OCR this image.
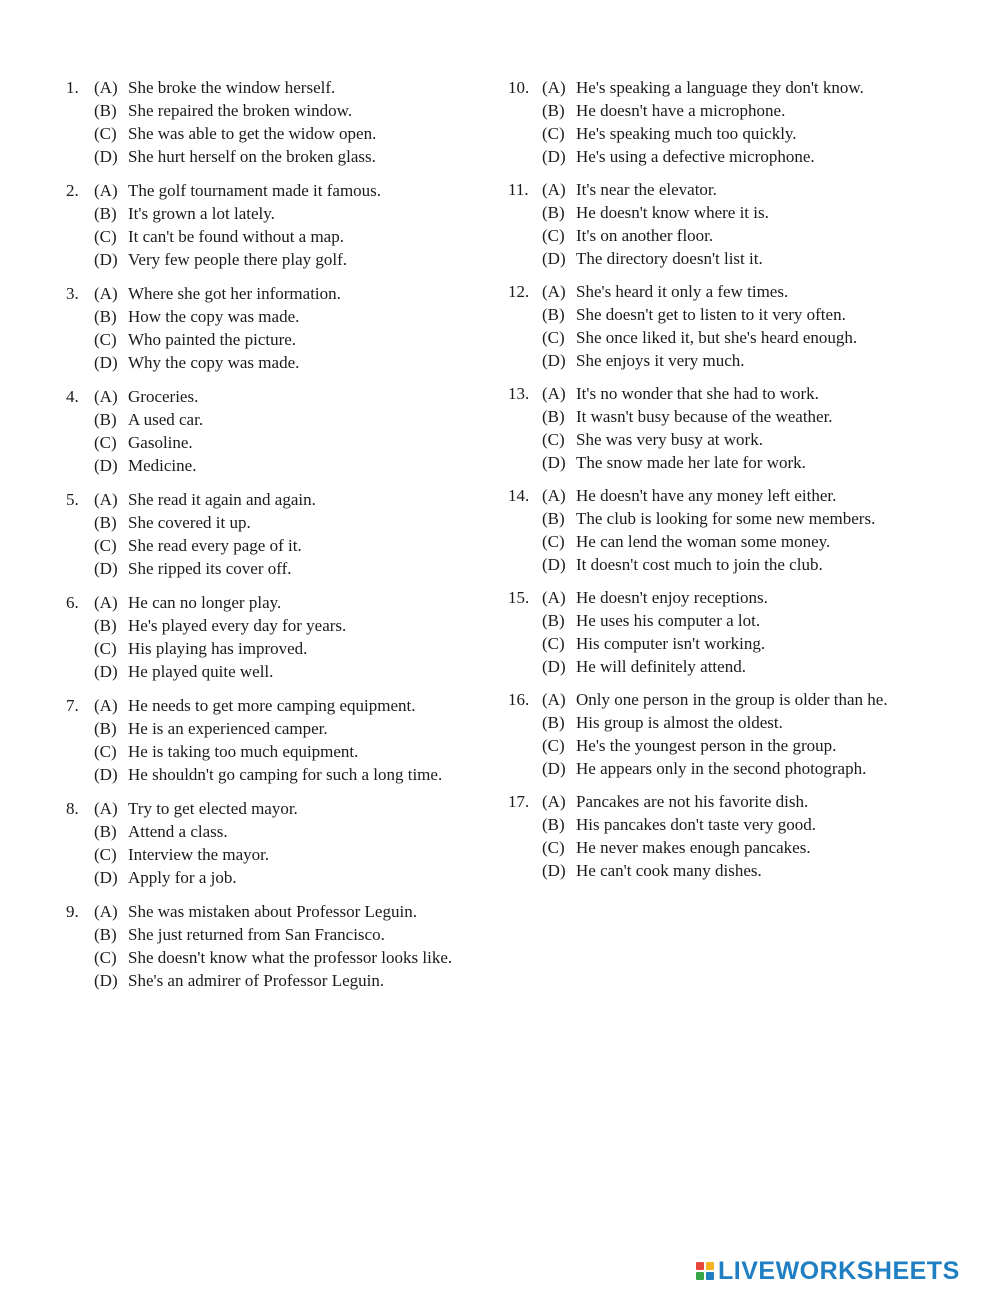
1. (A) She broke the window herself.
(B) She repaired the broken window.
(C) She was able to get the widow open.
(D) She hurt herself on the broken glass.
2. (A) The golf tournament made it famous.
(B) It's grown a lot lately.
(C) It can't be found without a map.
(D) Very few people there play golf.
3. (A) Where she got her information.
(B) How the copy was made.
(C) Who painted the picture.
(D) Why the copy was made.
4. (A) Groceries.
(B) A used car.
(C) Gasoline.
(D) Medicine.
5. (A) She read it again and again.
(B) She covered it up.
(C) She read every page of it.
(D) She ripped its cover off.
6. (A) He can no longer play.
(B) He's played every day for years.
(C) His playing has improved.
(D) He played quite well.
7. (A) He needs to get more camping equipment.
(B) He is an experienced camper.
(C) He is taking too much equipment.
(D) He shouldn't go camping for such a long time.
8. (A) Try to get elected mayor.
(B) Attend a class.
(C) Interview the mayor.
(D) Apply for a job.
9. (A) She was mistaken about Professor Leguin.
(B) She just returned from San Francisco.
(C) She doesn't know what the professor looks like.
(D) She's an admirer of Professor Leguin.
10. (A) He's speaking a language they don't know.
(B) He doesn't have a microphone.
(C) He's speaking much too quickly.
(D) He's using a defective microphone.
11. (A) It's near the elevator.
(B) He doesn't know where it is.
(C) It's on another floor.
(D) The directory doesn't list it.
12. (A) She's heard it only a few times.
(B) She doesn't get to listen to it very often.
(C) She once liked it, but she's heard enough.
(D) She enjoys it very much.
13. (A) It's no wonder that she had to work.
(B) It wasn't busy because of the weather.
(C) She was very busy at work.
(D) The snow made her late for work.
14. (A) He doesn't have any money left either.
(B) The club is looking for some new members.
(C) He can lend the woman some money.
(D) It doesn't cost much to join the club.
15. (A) He doesn't enjoy receptions.
(B) He uses his computer a lot.
(C) His computer isn't working.
(D) He will definitely attend.
16. (A) Only one person in the group is older than he.
(B) His group is almost the oldest.
(C) He's the youngest person in the group.
(D) He appears only in the second photograph.
17. (A) Pancakes are not his favorite dish.
(B) His pancakes don't taste very good.
(C) He never makes enough pancakes.
(D) He can't cook many dishes.
LIVEWORKSHEETS
